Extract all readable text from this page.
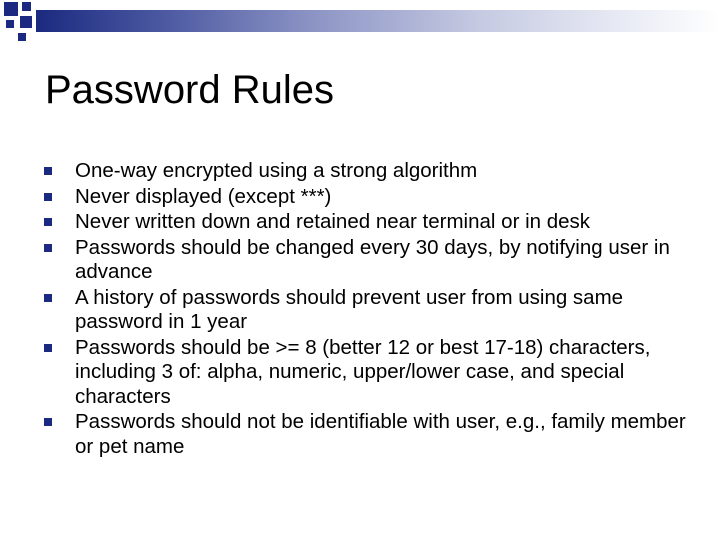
Password Rules
One-way encrypted using a strong algorithm
Never displayed (except ***)
Never written down and retained near terminal or in desk
Passwords should be changed every 30 days, by notifying user in advance
A history of passwords should prevent user from using same password in 1 year
Passwords should be >= 8 (better 12 or best 17-18) characters, including 3 of: alpha, numeric, upper/lower case, and special characters
Passwords should not be identifiable with user, e.g., family member or pet name
